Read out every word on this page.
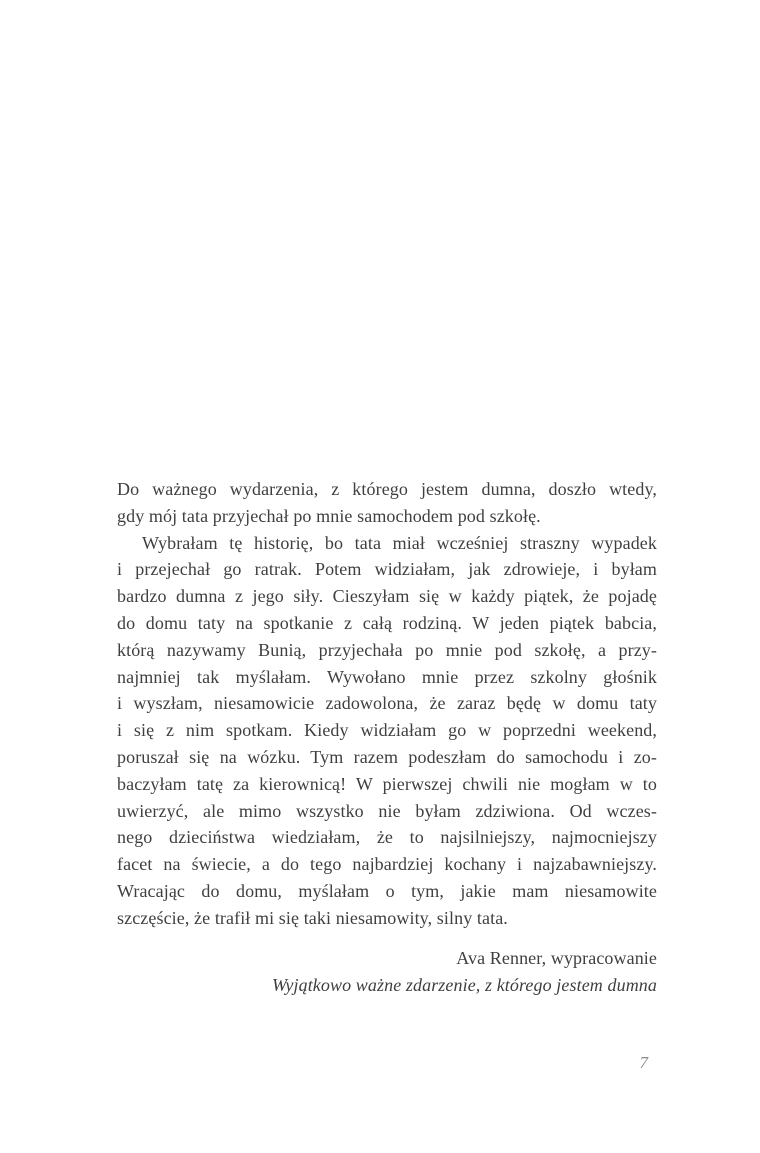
Do ważnego wydarzenia, z którego jestem dumna, doszło wtedy,
gdy mój tata przyjechał po mnie samochodem pod szkołę.
Wybrałam tę historię, bo tata miał wcześniej straszny wypadek
i przejechał go ratrak. Potem widziałam, jak zdrowieje, i byłam
bardzo dumna z jego siły. Cieszyłam się w każdy piątek, że pojadę
do domu taty na spotkanie z całą rodziną. W jeden piątek babcia,
którą nazywamy Bunią, przyjechała po mnie pod szkołę, a przy-
najmniej tak myślałam. Wywołano mnie przez szkolny głośnik
i wyszłam, niesamowicie zadowolona, że zaraz będę w domu taty
i się z nim spotkam. Kiedy widziałam go w poprzedni weekend,
poruszał się na wózku. Tym razem podeszłam do samochodu i zo-
baczyłam tatę za kierownicą! W pierwszej chwili nie mogłam w to
uwierzyć, ale mimo wszystko nie byłam zdziwiona. Od wczes-
nego dzieciństwa wiedziałam, że to najsilniejszy, najmocniejszy
facet na świecie, a do tego najbardziej kochany i najzabawniejszy.
Wracając do domu, myślałam o tym, jakie mam niesamowite
szczęście, że trafił mi się taki niesamowity, silny tata.
Ava Renner, wypracowanie
Wyjątkowo ważne zdarzenie, z którego jestem dumna
7
